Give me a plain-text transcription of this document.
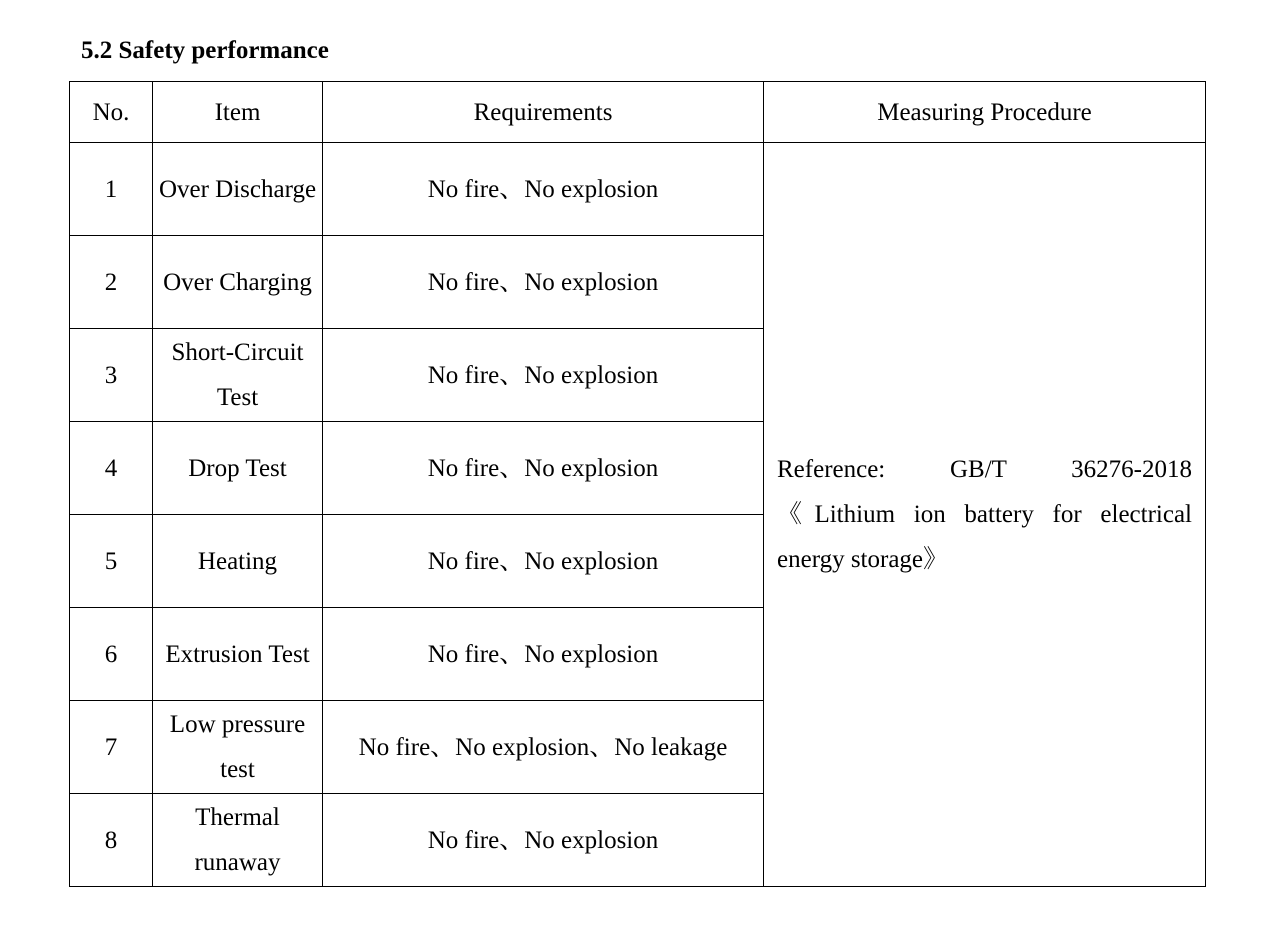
5.2 Safety performance
No.	Item	Requirements	Measuring Procedure
1	Over Discharge	No fire、No explosion	Reference: GB/T 36276-2018
《Lithium ion battery for electrical
energy storage》

2	Over Charging	No fire、No explosion	
3	Short-Circuit Test	No fire、No explosion	
4	Drop Test	No fire、No explosion	
5	Heating	No fire、No explosion	
6	Extrusion Test	No fire、No explosion	
7	Low pressure test	No fire、No explosion、No leakage	
8	Thermal runaway	No fire、No explosion	
